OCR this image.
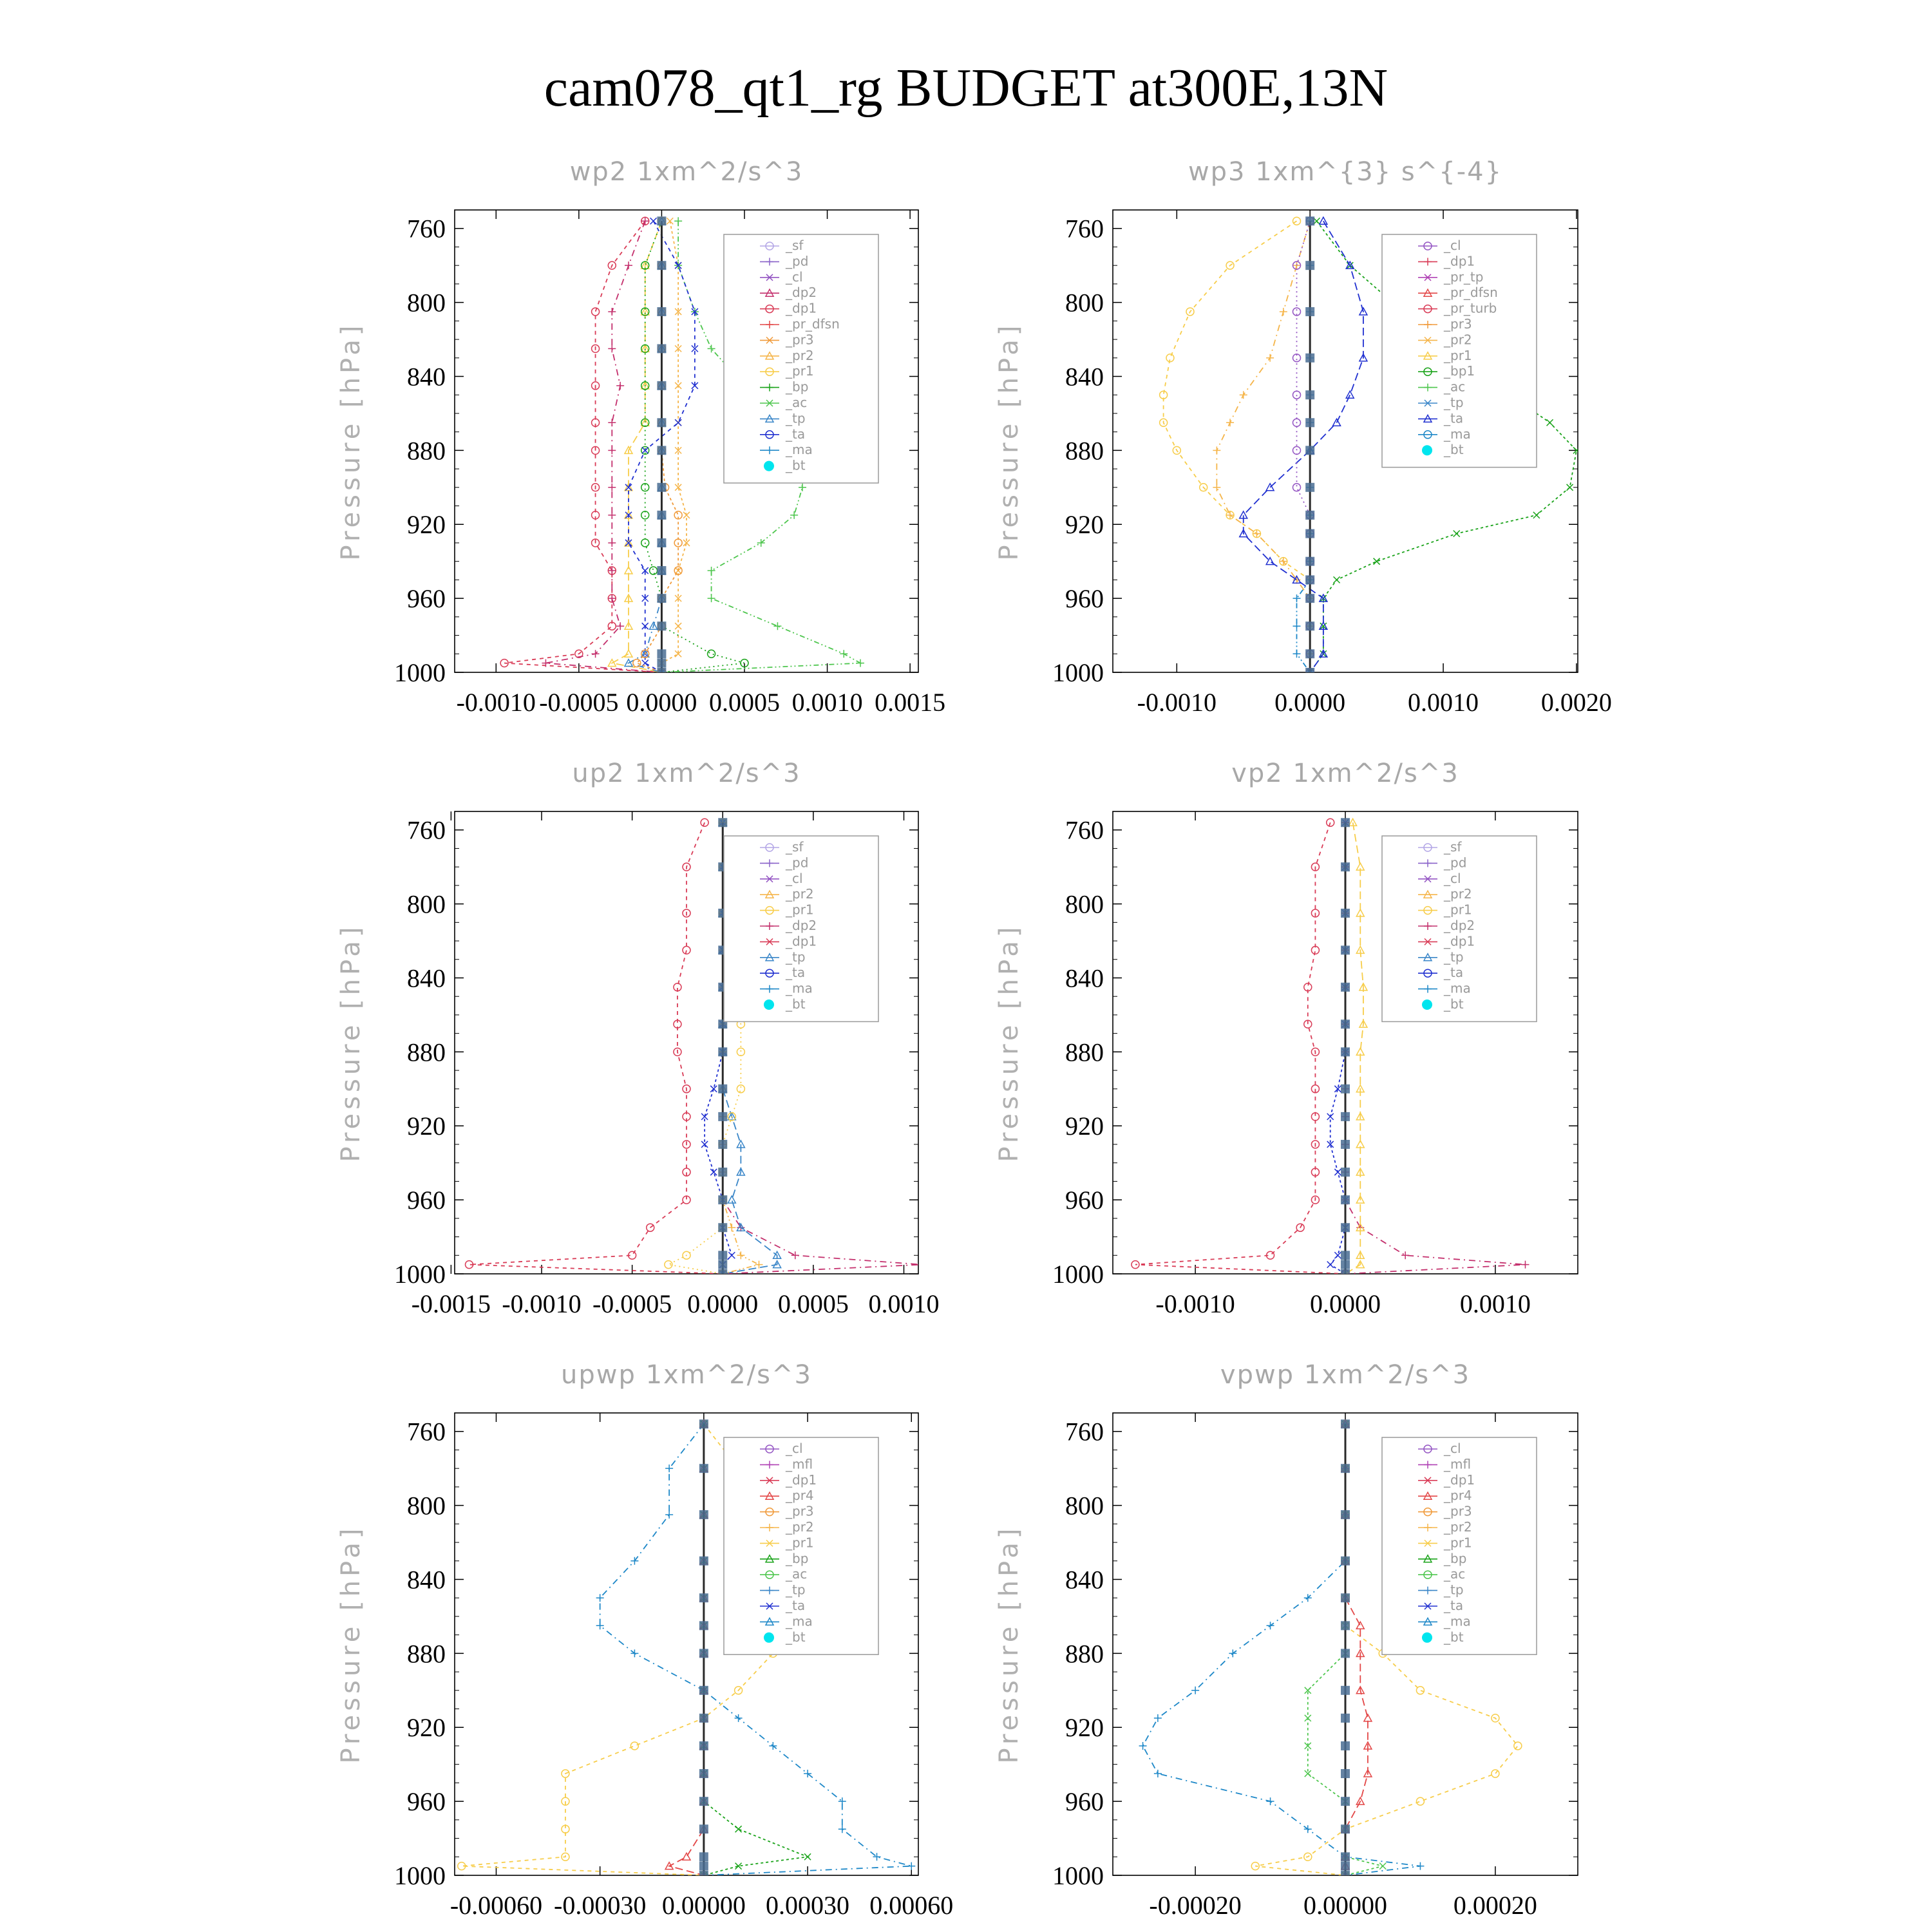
cam078_qt1_rg BUDGET at300E,13N
wp2 1xm^2/s^3
Pressure [hPa]
760
800
840
880
920
960
1000
-0.0010 -0.0005 0.0000 0.0005 0.0010 0.0015
_sf
_pd
_cl
_dp2
_dp1
_pr_dfsn
_pr3
_pr2
_pr1
_bp
_ac
_tp
_ta
_ma
_bt
wp3 1xm^{3} s^{-4}
Pressure [hPa]
760
800
840
880
920
960
1000
-0.0010 0.0000 0.0010 0.0020
_cl
_dp1
_pr_tp
_pr_dfsn
_pr_turb
_pr3
_pr2
_pr1
_bp1
_ac
_tp
_ta
_ma
_bt
up2 1xm^2/s^3
Pressure [hPa]
760
800
840
880
920
960
1000
-0.0015 -0.0010 -0.0005 0.0000 0.0005 0.0010
_sf
_pd
_cl
_pr2
_pr1
_dp2
_dp1
_tp
_ta
_ma
_bt
vp2 1xm^2/s^3
Pressure [hPa]
760
800
840
880
920
960
1000
-0.0010	0.0000	0.0010
_sf
_pd
_cl
_pr2
_pr1
_dp2
_dp1
_tp
_ta
_ma
_bt
upwp 1xm^2/s^3
Pressure [hPa]
760
800
840
880
920
960
1000
-0.00060 -0.00030 0.00000 0.00030 0.00060
_cl
_mfl
_dp1
_pr4
_pr3
_pr2
_pr1
_bp
_ac
_tp
_ta
_ma
_bt
vpwp 1xm^2/s^3
Pressure [hPa]
760
800
840
880
920
960
1000
-0.00020 0.00000	0.00020
_cl
_mfl
_dp1
_pr4
_pr3
_pr2
_pr1
_bp
_ac
_tp
_ta
_ma
_bt
